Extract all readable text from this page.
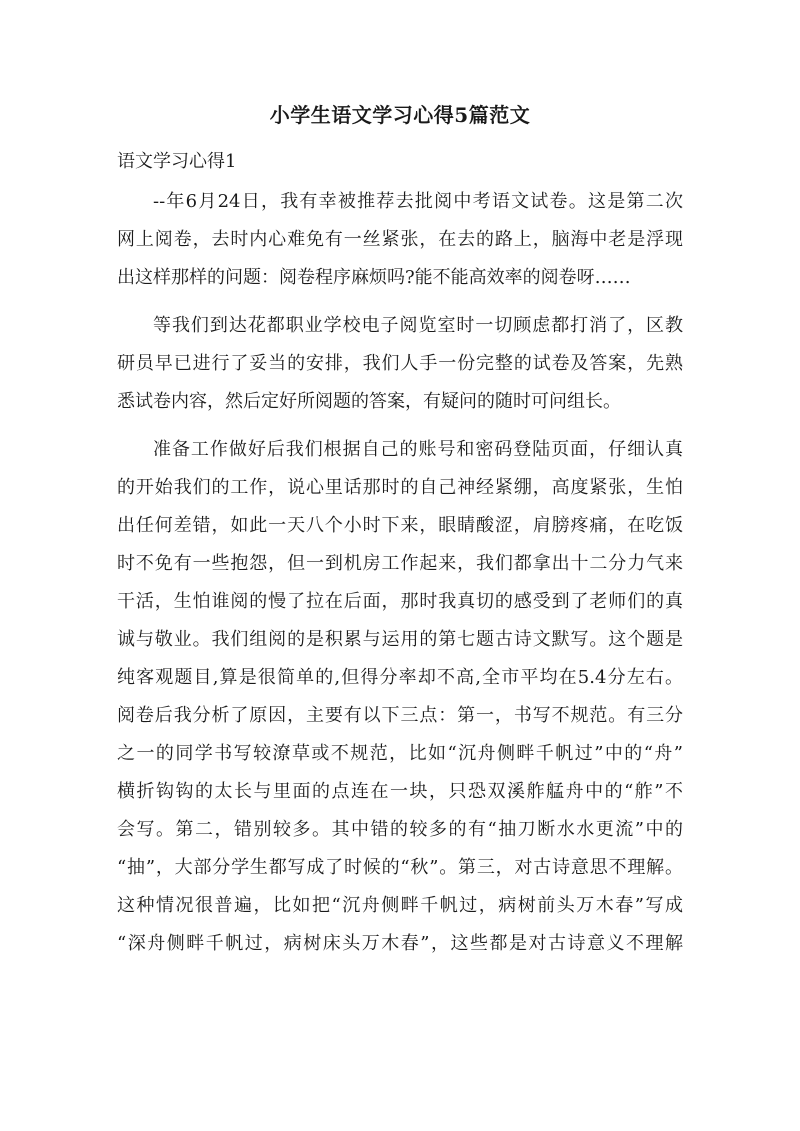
小学生语文学习心得5篇范文
语文学习心得1
--年6月24日，我有幸被推荐去批阅中考语文试卷。这是第二次
网上阅卷，去时内心难免有一丝紧张，在去的路上，脑海中老是浮现
出这样那样的问题：阅卷程序麻烦吗?能不能高效率的阅卷呀……
等我们到达花都职业学校电子阅览室时一切顾虑都打消了，区教
研员早已进行了妥当的安排，我们人手一份完整的试卷及答案，先熟
悉试卷内容，然后定好所阅题的答案，有疑问的随时可问组长。
准备工作做好后我们根据自己的账号和密码登陆页面，仔细认真
的开始我们的工作，说心里话那时的自己神经紧绷，高度紧张，生怕
出任何差错，如此一天八个小时下来，眼睛酸涩，肩膀疼痛，在吃饭
时不免有一些抱怨，但一到机房工作起来，我们都拿出十二分力气来
干活，生怕谁阅的慢了拉在后面，那时我真切的感受到了老师们的真
诚与敬业。我们组阅的是积累与运用的第七题古诗文默写。这个题是
纯客观题目,算是很简单的,但得分率却不高,全市平均在5.4分左右。
阅卷后我分析了原因，主要有以下三点：第一，书写不规范。有三分
之一的同学书写较潦草或不规范，比如“沉舟侧畔千帆过”中的“舟”
横折钩钩的太长与里面的点连在一块，只恐双溪舴艋舟中的“舴”不
会写。第二，错别较多。其中错的较多的有“抽刀断水水更流”中的
“抽”，大部分学生都写成了时候的“秋”。第三，对古诗意思不理解。
这种情况很普遍，比如把“沉舟侧畔千帆过，病树前头万木春”写成
“深舟侧畔千帆过，病树床头万木春”，这些都是对古诗意义不理解
